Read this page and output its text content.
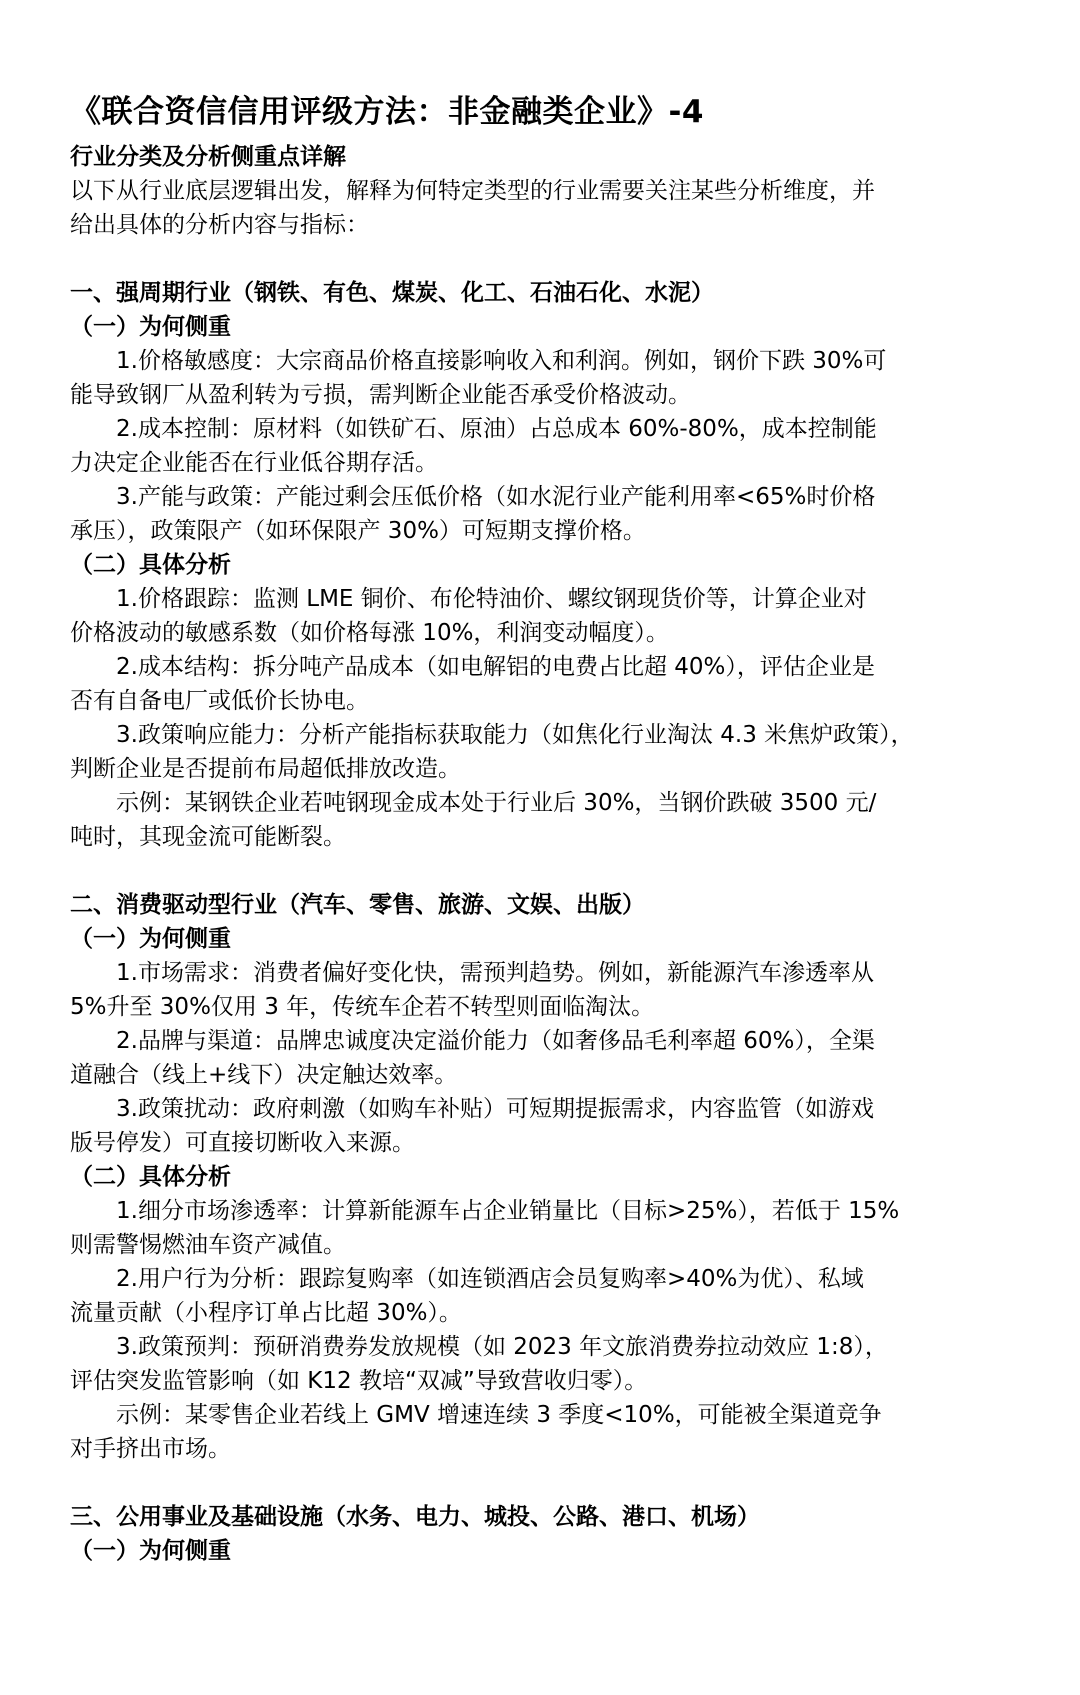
《联合资信信用评级方法：非金融类企业》-4
行业分类及分析侧重点详解
以下从行业底层逻辑出发，解释为何特定类型的行业需要关注某些分析维度，并
给出具体的分析内容与指标：
一、强周期行业（钢铁、有色、煤炭、化工、石油石化、水泥）
（一）为何侧重
1.价格敏感度：大宗商品价格直接影响收入和利润。例如，钢价下跌 30%可
能导致钢厂从盈利转为亏损，需判断企业能否承受价格波动。
2.成本控制：原材料（如铁矿石、原油）占总成本 60%-80%，成本控制能
力决定企业能否在行业低谷期存活。
3.产能与政策：产能过剩会压低价格（如水泥行业产能利用率<65%时价格
承压），政策限产（如环保限产 30%）可短期支撑价格。
（二）具体分析
1.价格跟踪：监测 LME 铜价、布伦特油价、螺纹钢现货价等，计算企业对
价格波动的敏感系数（如价格每涨 10%，利润变动幅度）。
2.成本结构：拆分吨产品成本（如电解铝的电费占比超 40%），评估企业是
否有自备电厂或低价长协电。
3.政策响应能力：分析产能指标获取能力（如焦化行业淘汰 4.3 米焦炉政策），
判断企业是否提前布局超低排放改造。
示例：某钢铁企业若吨钢现金成本处于行业后 30%，当钢价跌破 3500 元/
吨时，其现金流可能断裂。
二、消费驱动型行业（汽车、零售、旅游、文娱、出版）
（一）为何侧重
1.市场需求：消费者偏好变化快，需预判趋势。例如，新能源汽车渗透率从
5%升至 30%仅用 3 年，传统车企若不转型则面临淘汰。
2.品牌与渠道：品牌忠诚度决定溢价能力（如奢侈品毛利率超 60%），全渠
道融合（线上+线下）决定触达效率。
3.政策扰动：政府刺激（如购车补贴）可短期提振需求，内容监管（如游戏
版号停发）可直接切断收入来源。
（二）具体分析
1.细分市场渗透率：计算新能源车占企业销量比（目标>25%），若低于 15%
则需警惕燃油车资产减值。
2.用户行为分析：跟踪复购率（如连锁酒店会员复购率>40%为优）、私域
流量贡献（小程序订单占比超 30%）。
3.政策预判：预研消费券发放规模（如 2023 年文旅消费券拉动效应 1:8），
评估突发监管影响（如 K12 教培“双减”导致营收归零）。
示例：某零售企业若线上 GMV 增速连续 3 季度<10%，可能被全渠道竞争
对手挤出市场。
三、公用事业及基础设施（水务、电力、城投、公路、港口、机场）
（一）为何侧重
